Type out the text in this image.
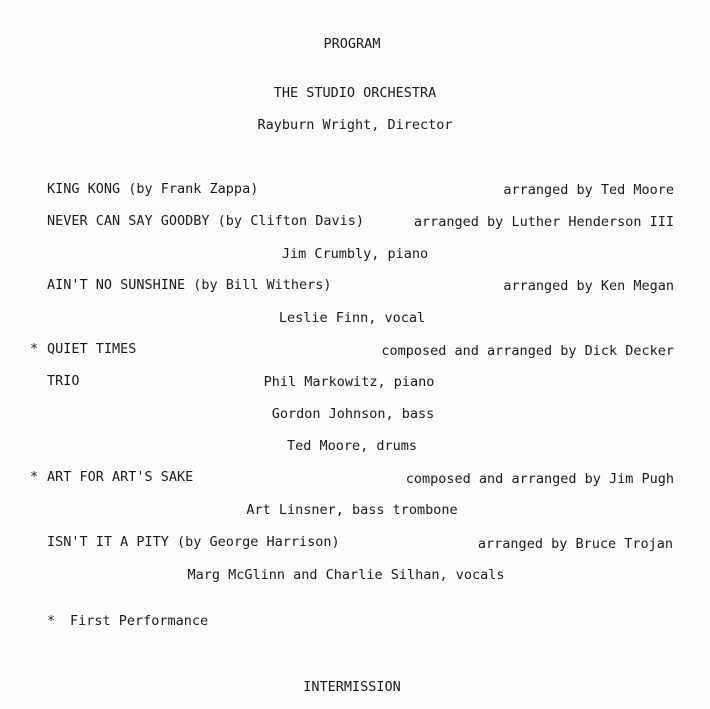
PROGRAM
THE STUDIO ORCHESTRA
Rayburn Wright, Director
KING KONG (by Frank Zappa)	arranged by Ted Moore
NEVER CAN SAY GOODBY (by Clifton Davis)	arranged by Luther Henderson III
Jim Crumbly, piano
AIN'T NO SUNSHINE (by Bill Withers)	arranged by Ken Megan
Leslie Finn, vocal
* QUIET TIMES	composed and arranged by Dick Decker
TRIO	Phil Markowitz, piano
Gordon Johnson, bass
Ted Moore, drums
* ART FOR ART'S SAKE	composed and arranged by Jim Pugh
Art Linsner, bass trombone
ISN'T IT A PITY (by George Harrison)	arranged by Bruce Trojan
Marg McGlinn and Charlie Silhan, vocals
* First Performance
INTERMISSION
